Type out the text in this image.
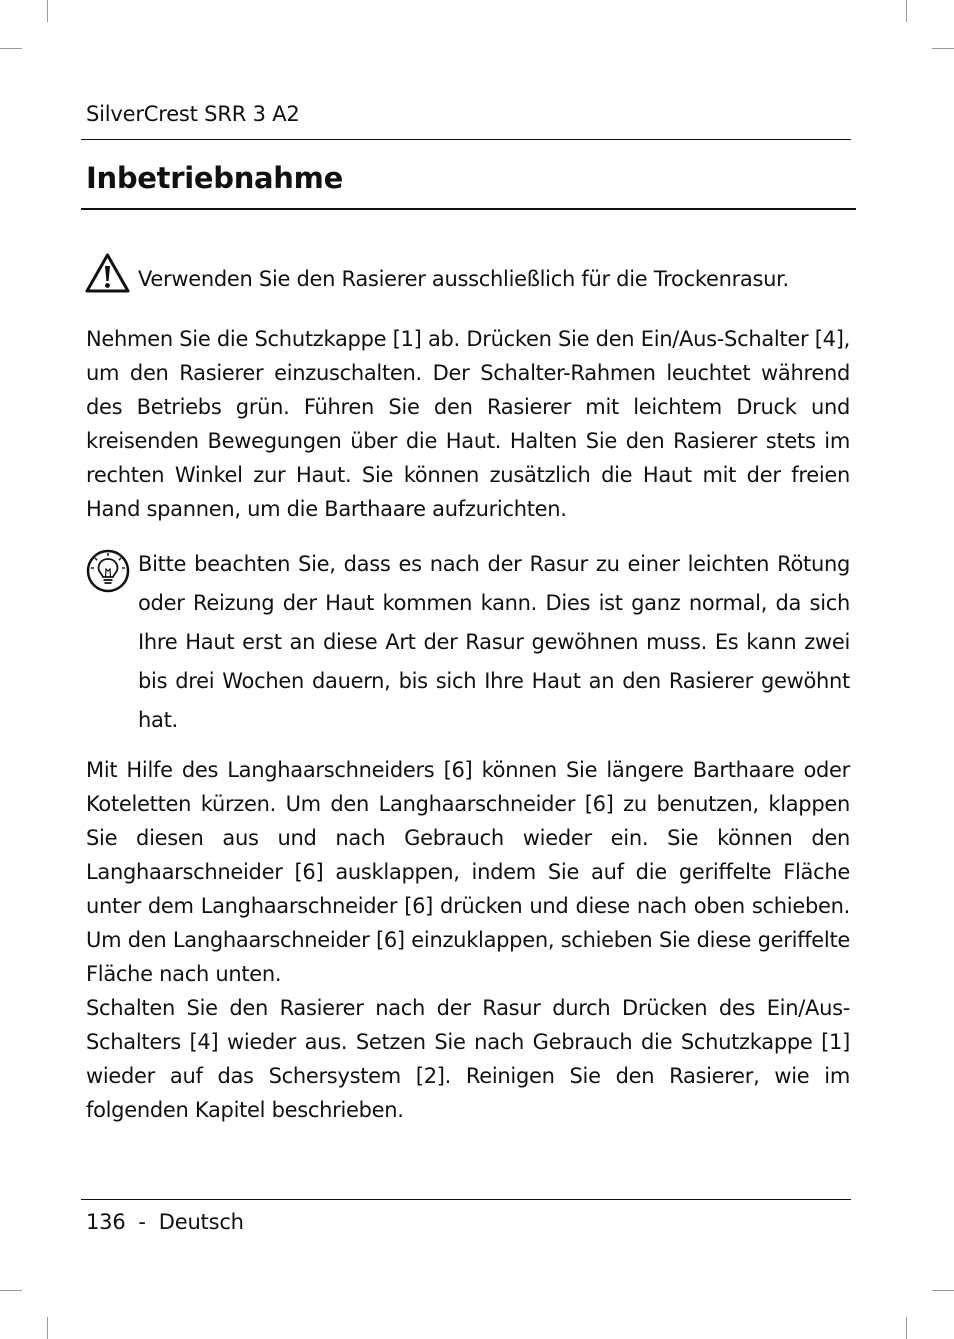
SilverCrest SRR 3 A2
Inbetriebnahme
Verwenden Sie den Rasierer ausschließlich für die Trockenrasur.

Nehmen Sie die Schutzkappe [1] ab. Drücken Sie den Ein/Aus-Schalter [4], um den Rasierer einzuschalten. Der Schalter-Rahmen leuchtet während des Betriebs grün. Führen Sie den Rasierer mit leichtem Druck und kreisenden Bewegungen über die Haut. Halten Sie den Rasierer stets im rechten Winkel zur Haut. Sie können zusätzlich die Haut mit der freien Hand spannen, um die Barthaare aufzurichten.

Bitte beachten Sie, dass es nach der Rasur zu einer leichten Rötung oder Reizung der Haut kommen kann. Dies ist ganz normal, da sich Ihre Haut erst an diese Art der Rasur gewöhnen muss. Es kann zwei bis drei Wochen dauern, bis sich Ihre Haut an den Rasierer gewöhnt hat.

Mit Hilfe des Langhaarschneiders [6] können Sie längere Barthaare oder Koteletten kürzen. Um den Langhaarschneider [6] zu benutzen, klappen Sie diesen aus und nach Gebrauch wieder ein. Sie können den Langhaarschneider [6] ausklappen, indem Sie auf die geriffelte Fläche unter dem Langhaarschneider [6] drücken und diese nach oben schieben. Um den Langhaarschneider [6] einzuklappen, schieben Sie diese geriffelte Fläche nach unten.

Schalten Sie den Rasierer nach der Rasur durch Drücken des Ein/Aus-Schalters [4] wieder aus. Setzen Sie nach Gebrauch die Schutzkappe [1] wieder auf das Schersystem [2]. Reinigen Sie den Rasierer, wie im folgenden Kapitel beschrieben.

136  -  Deutsch
